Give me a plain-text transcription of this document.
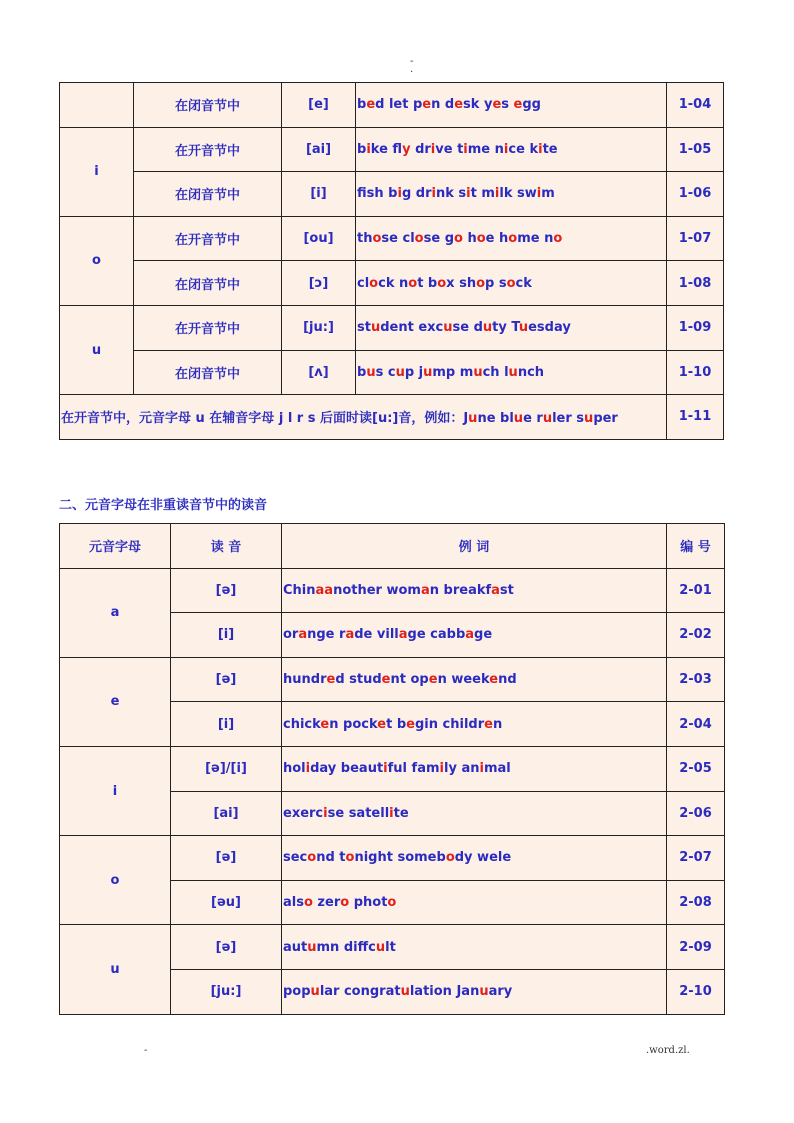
-
.
	在闭音节中	[e]	bed let pen desk yes egg	1-04
i	在开音节中	[ai]	bike fly drive time nice kite	1-05
	在闭音节中	[i]	fsh big drink sit milk swim	1-06
o	在开音节中	[ou]	those close go hoe home no	1-07
	在闭音节中	[ɔ]	clock not box shop sock	1-08
u	在开音节中	[ju:]	student excuse duty Tuesday	1-09
	在闭音节中	[ʌ]	bus cup jump much lunch	1-10
在开音节中，元音字母 u 在辅音字母 j l r s 后面时读[u:]音，例如：June blue ruler super				1-11
二、元音字母在非重读音节中的读音
元音字母	读 音	例 词	编 号
a	[ə]	Chinaanother woman breakfast	2-01
	[i]	orange rade village cabbage	2-02
e	[ə]	hundred student open weekend	2-03
	[i]	chicken pocket begin children	2-04
i	[ə]/[i]	holiday beautiful family animal	2-05
	[ai]	exercise satellite	2-06
o	[ə]	second tonight somebody wele	2-07
	[əu]	also zero photo	2-08
u	[ə]	autumn diffcult	2-09
	[ju:]	popular congratulation January	2-10
-	.word.zl.
